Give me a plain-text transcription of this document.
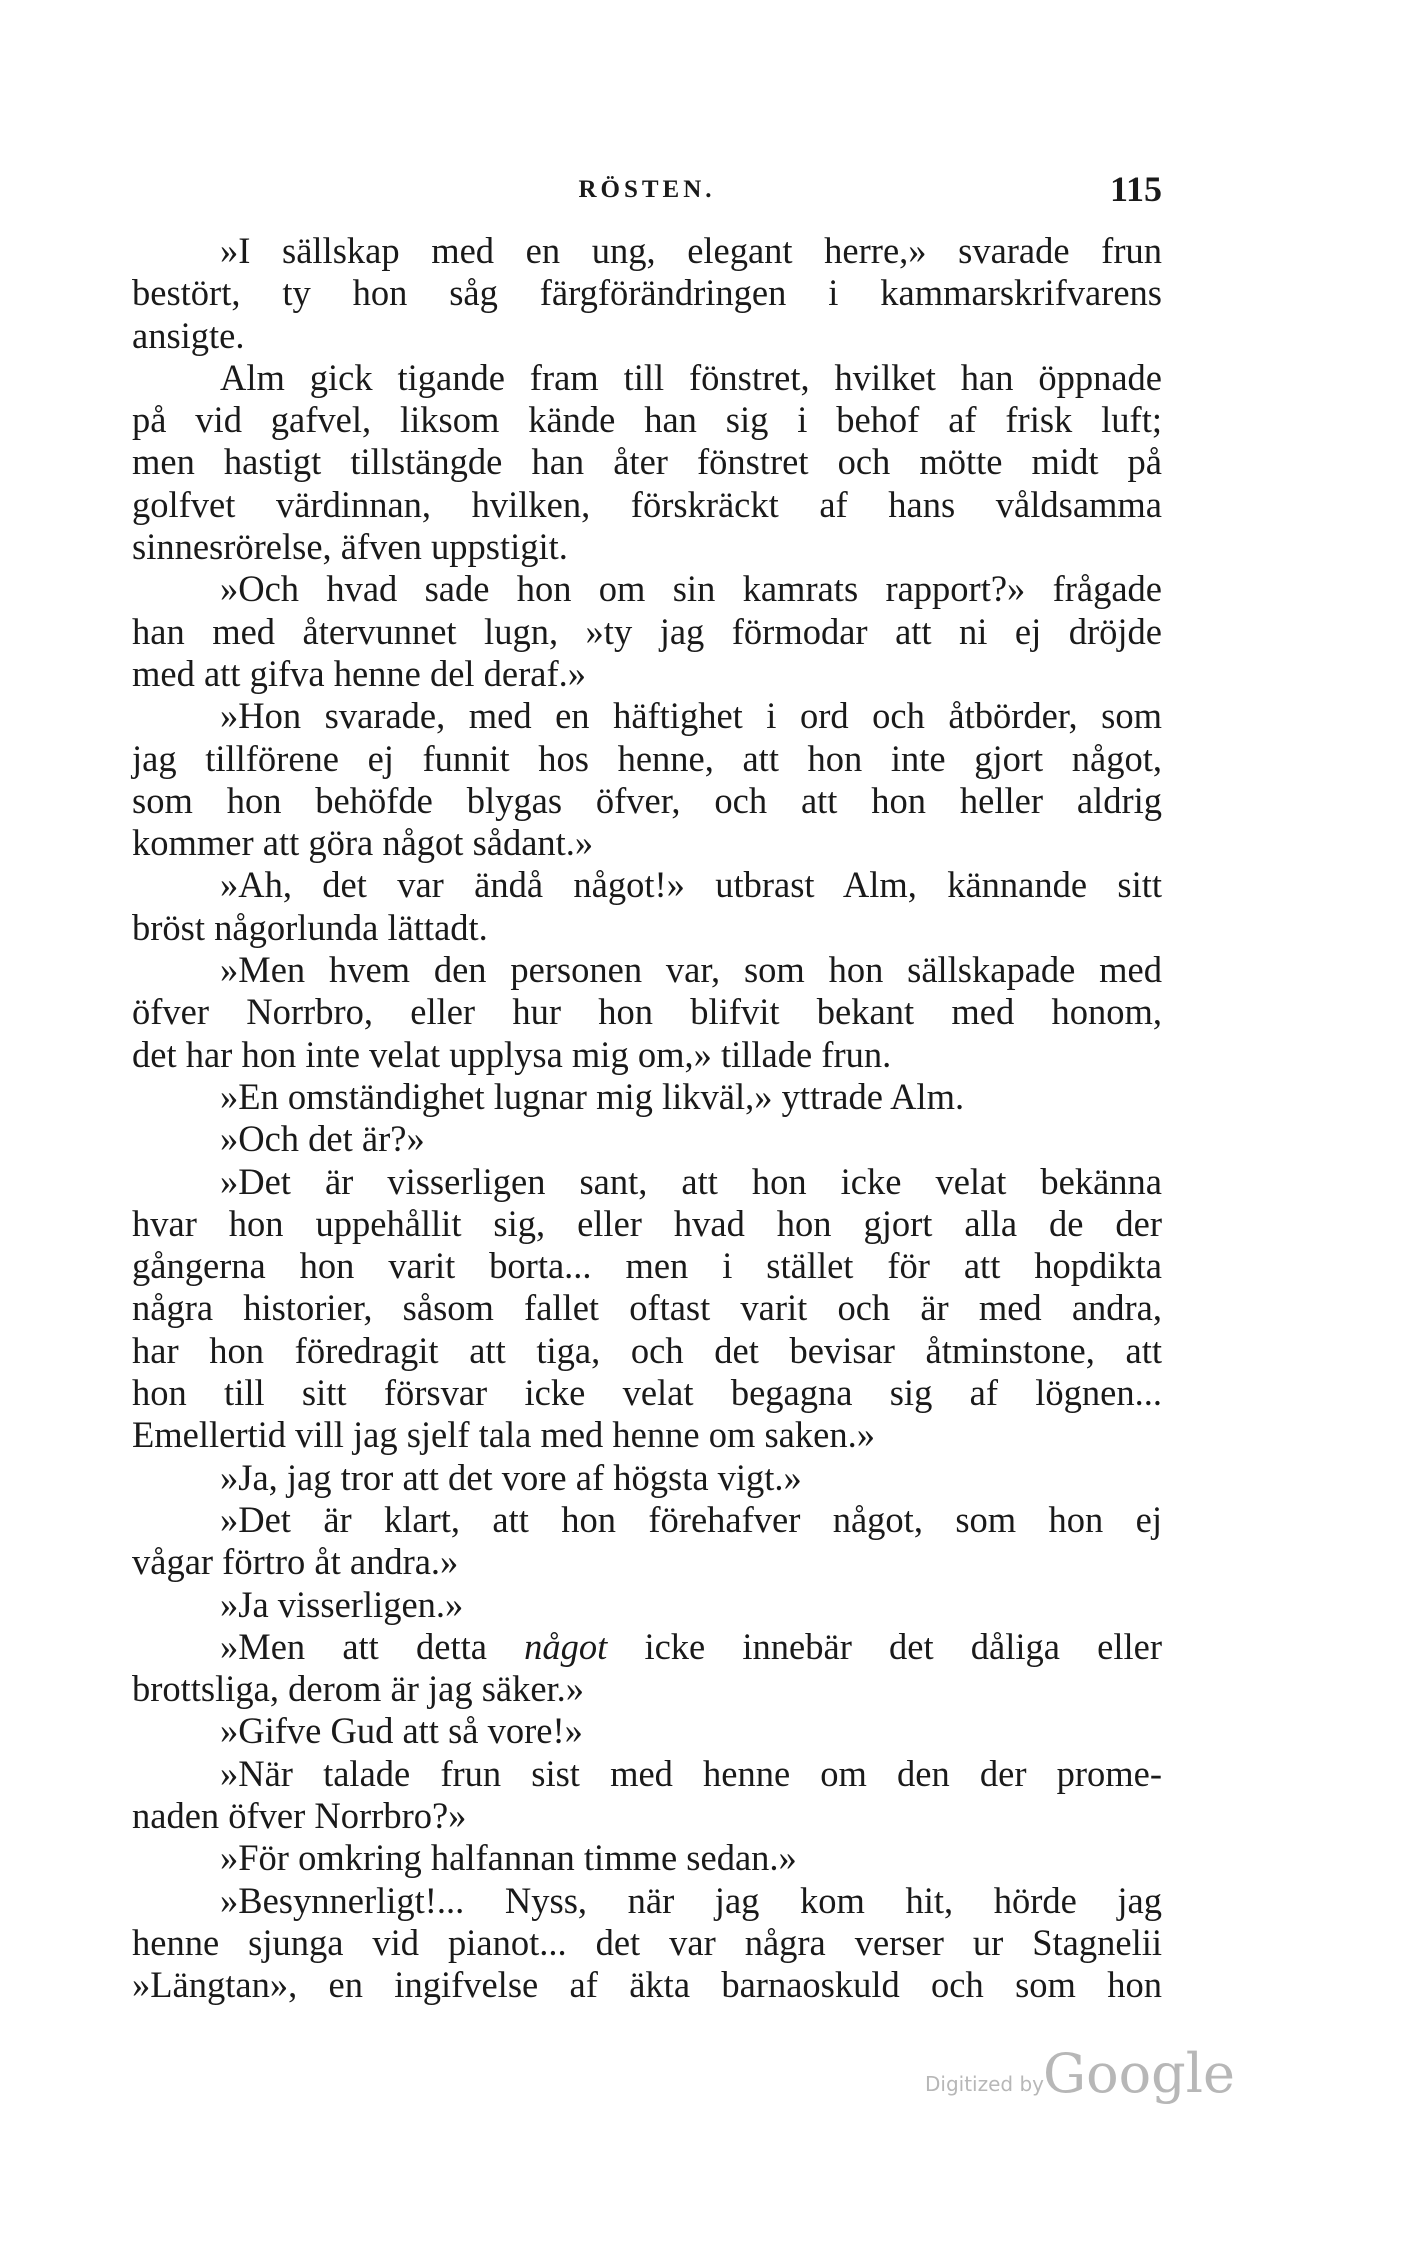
RÖSTEN.	115
»I sällskap med en ung, elegant herre,» svarade frun
bestört, ty hon såg färgförändringen i kammarskrifvarens
ansigte.
Alm gick tigande fram till fönstret, hvilket han öppnade
på vid gafvel, liksom kände han sig i behof af frisk luft;
men hastigt tillstängde han åter fönstret och mötte midt på
golfvet värdinnan, hvilken, förskräckt af hans våldsamma
sinnesrörelse, äfven uppstigit.
»Och hvad sade hon om sin kamrats rapport?» frågade
han med återvunnet lugn, »ty jag förmodar att ni ej dröjde
med att gifva henne del deraf.»
»Hon svarade, med en häftighet i ord och åtbörder, som
jag tillförene ej funnit hos henne, att hon inte gjort något,
som hon behöfde blygas öfver, och att hon heller aldrig
kommer att göra något sådant.»
»Ah, det var ändå något!» utbrast Alm, kännande sitt
bröst någorlunda lättadt.
»Men hvem den personen var, som hon sällskapade med
öfver Norrbro, eller hur hon blifvit bekant med honom,
det har hon inte velat upplysa mig om,» tillade frun.
»En omständighet lugnar mig likväl,» yttrade Alm.
»Och det är?»
»Det är visserligen sant, att hon icke velat bekänna
hvar hon uppehållit sig, eller hvad hon gjort alla de der
gångerna hon varit borta... men i stället för att hopdikta
några historier, såsom fallet oftast varit och är med andra,
har hon föredragit att tiga, och det bevisar åtminstone, att
hon till sitt försvar icke velat begagna sig af lögnen...
Emellertid vill jag sjelf tala med henne om saken.»
»Ja, jag tror att det vore af högsta vigt.»
»Det är klart, att hon förehafver något, som hon ej
vågar förtro åt andra.»
»Ja visserligen.»
»Men att detta något icke innebär det dåliga eller
brottsliga, derom är jag säker.»
»Gifve Gud att så vore!»
»När talade frun sist med henne om den der prome-
naden öfver Norrbro?»
»För omkring halfannan timme sedan.»
»Besynnerligt!... Nyss, när jag kom hit, hörde jag
henne sjunga vid pianot... det var några verser ur Stagnelii
»Längtan», en ingifvelse af äkta barnaoskuld och som hon
Digitized by Google
